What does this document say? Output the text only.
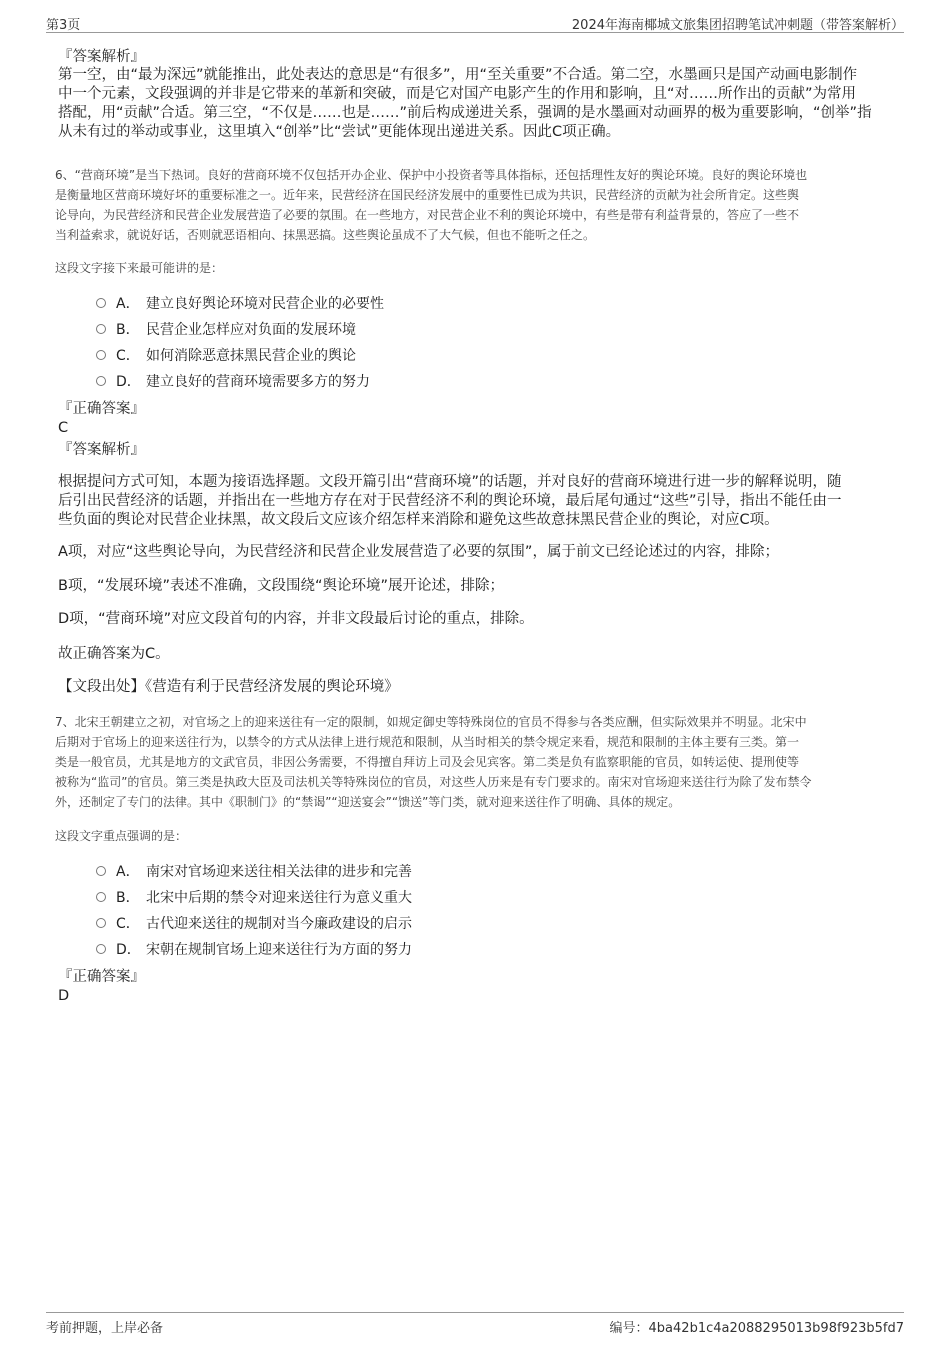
第3页	2024年海南椰城文旅集团招聘笔试冲刺题（带答案解析）
『答案解析』
第一空，由“最为深远”就能推出，此处表达的意思是“有很多”，用“至关重要”不合适。第二空，水墨画只是国产动画电影制作
中一个元素，文段强调的并非是它带来的革新和突破，而是它对国产电影产生的作用和影响，且“对……所作出的贡献”为常用
搭配，用“贡献”合适。第三空，“不仅是……也是……”前后构成递进关系，强调的是水墨画对动画界的极为重要影响，“创举”指
从未有过的举动或事业，这里填入“创举”比“尝试”更能体现出递进关系。因此C项正确。
6、“营商环境”是当下热词。良好的营商环境不仅包括开办企业、保护中小投资者等具体指标，还包括理性友好的舆论环境。良好的舆论环境也
是衡量地区营商环境好坏的重要标准之一。近年来，民营经济在国民经济发展中的重要性已成为共识，民营经济的贡献为社会所肯定。这些舆
论导向，为民营经济和民营企业发展营造了必要的氛围。在一些地方，对民营企业不利的舆论环境中，有些是带有利益背景的，答应了一些不
当利益索求，就说好话，否则就恶语相向、抹黑恶搞。这些舆论虽成不了大气候，但也不能听之任之。
这段文字接下来最可能讲的是：
A． 建立良好舆论环境对民营企业的必要性
B． 民营企业怎样应对负面的发展环境
C． 如何消除恶意抹黑民营企业的舆论
D． 建立良好的营商环境需要多方的努力
『正确答案』
C
『答案解析』
根据提问方式可知，本题为接语选择题。文段开篇引出“营商环境”的话题，并对良好的营商环境进行进一步的解释说明，随
后引出民营经济的话题，并指出在一些地方存在对于民营经济不利的舆论环境，最后尾句通过“这些”引导，指出不能任由一
些负面的舆论对民营企业抹黑，故文段后文应该介绍怎样来消除和避免这些故意抹黑民营企业的舆论，对应C项。
A项，对应“这些舆论导向，为民营经济和民营企业发展营造了必要的氛围”，属于前文已经论述过的内容，排除；
B项，“发展环境”表述不准确，文段围绕“舆论环境”展开论述，排除；
D项，“营商环境”对应文段首句的内容，并非文段最后讨论的重点，排除。
故正确答案为C。
【文段出处】《营造有利于民营经济发展的舆论环境》
7、北宋王朝建立之初，对官场之上的迎来送往有一定的限制，如规定御史等特殊岗位的官员不得参与各类应酬，但实际效果并不明显。北宋中
后期对于官场上的迎来送往行为，以禁令的方式从法律上进行规范和限制，从当时相关的禁令规定来看，规范和限制的主体主要有三类。第一
类是一般官员，尤其是地方的文武官员，非因公务需要，不得擅自拜访上司及会见宾客。第二类是负有监察职能的官员，如转运使、提刑使等
被称为“监司”的官员。第三类是执政大臣及司法机关等特殊岗位的官员，对这些人历来是有专门要求的。南宋对官场迎来送往行为除了发布禁令
外，还制定了专门的法律。其中《职制门》的“禁谒”“迎送宴会”“馈送”等门类，就对迎来送往作了明确、具体的规定。
这段文字重点强调的是：
A． 南宋对官场迎来送往相关法律的进步和完善
B． 北宋中后期的禁令对迎来送往行为意义重大
C． 古代迎来送往的规制对当今廉政建设的启示
D． 宋朝在规制官场上迎来送往行为方面的努力
『正确答案』
D
考前押题，上岸必备	编号：4ba42b1c4a2088295013b98f923b5fd7
